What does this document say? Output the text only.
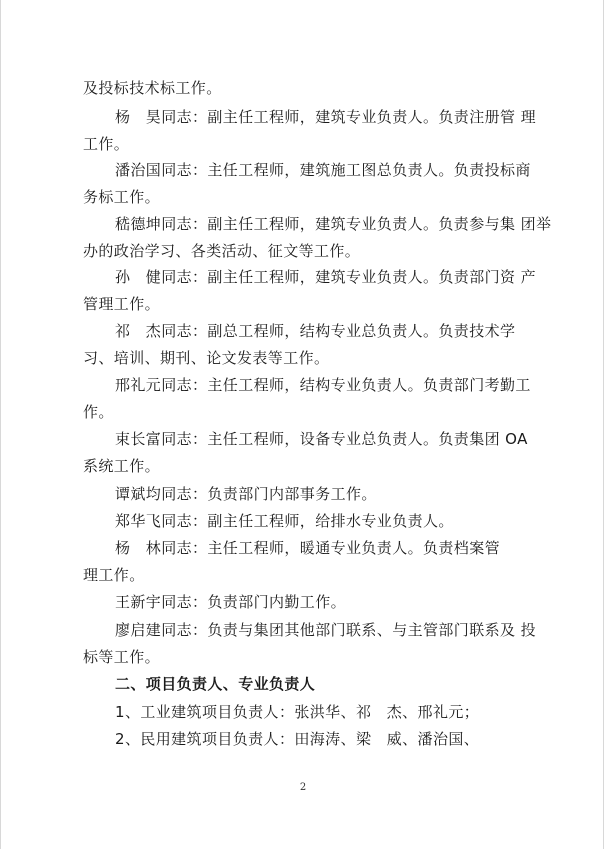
及投标技术标工作。
杨　昊同志：副主任工程师，建筑专业负责人。负责注册管 理
工作。
潘治国同志：主任工程师，建筑施工图总负责人。负责投标商
务标工作。
嵇德坤同志：副主任工程师，建筑专业负责人。负责参与集 团举
办的政治学习、各类活动、征文等工作。
孙　健同志：副主任工程师，建筑专业负责人。负责部门资 产
管理工作。
祁　杰同志：副总工程师，结构专业总负责人。负责技术学
习、培训、期刊、论文发表等工作。
邢礼元同志：主任工程师，结构专业负责人。负责部门考勤工
作。
束长富同志：主任工程师，设备专业总负责人。负责集团 OA
系统工作。
谭斌均同志：负责部门内部事务工作。
郑华飞同志：副主任工程师，给排水专业负责人。
杨　林同志：主任工程师，暖通专业负责人。负责档案管
理工作。
王新宇同志：负责部门内勤工作。
廖启建同志：负责与集团其他部门联系、与主管部门联系及 投
标等工作。
二、项目负责人、专业负责人
1、工业建筑项目负责人：张洪华、祁　杰、邢礼元；
2、民用建筑项目负责人：田海涛、梁　威、潘治国、
2
